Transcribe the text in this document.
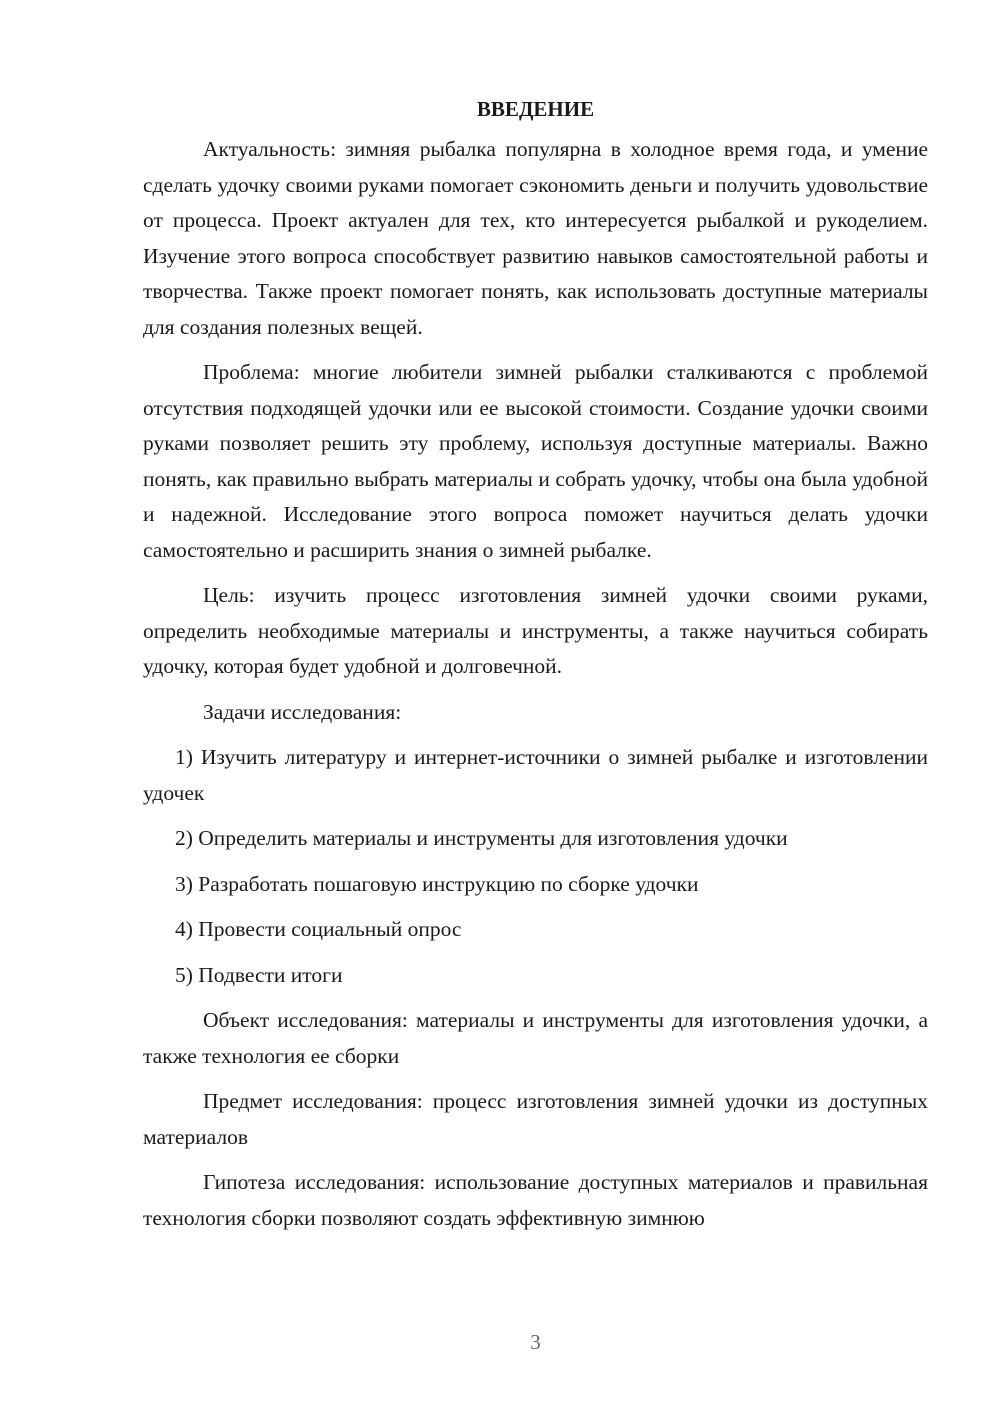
ВВЕДЕНИЕ

Актуальность: зимняя рыбалка популярна в холодное время года, и умение сделать удочку своими руками помогает сэкономить деньги и получить удовольствие от процесса. Проект актуален для тех, кто интересуется рыбалкой и рукоделием. Изучение этого вопроса способствует развитию навыков самостоятельной работы и творчества. Также проект помогает понять, как использовать доступные материалы для создания полезных вещей.

Проблема: многие любители зимней рыбалки сталкиваются с проблемой отсутствия подходящей удочки или ее высокой стоимости. Создание удочки своими руками позволяет решить эту проблему, используя доступные материалы. Важно понять, как правильно выбрать материалы и собрать удочку, чтобы она была удобной и надежной. Исследование этого вопроса поможет научиться делать удочки самостоятельно и расширить знания о зимней рыбалке.

Цель: изучить процесс изготовления зимней удочки своими руками, определить необходимые материалы и инструменты, а также научиться собирать удочку, которая будет удобной и долговечной.

Задачи исследования:

1) Изучить литературу и интернет-источники о зимней рыбалке и изготовлении удочек

2) Определить материалы и инструменты для изготовления удочки

3) Разработать пошаговую инструкцию по сборке удочки

4) Провести социальный опрос

5) Подвести итоги

Объект исследования: материалы и инструменты для изготовления удочки, а также технология ее сборки

Предмет исследования: процесс изготовления зимней удочки из доступных материалов

Гипотеза исследования: использование доступных материалов и правильная технология сборки позволяют создать эффективную зимнюю

3
